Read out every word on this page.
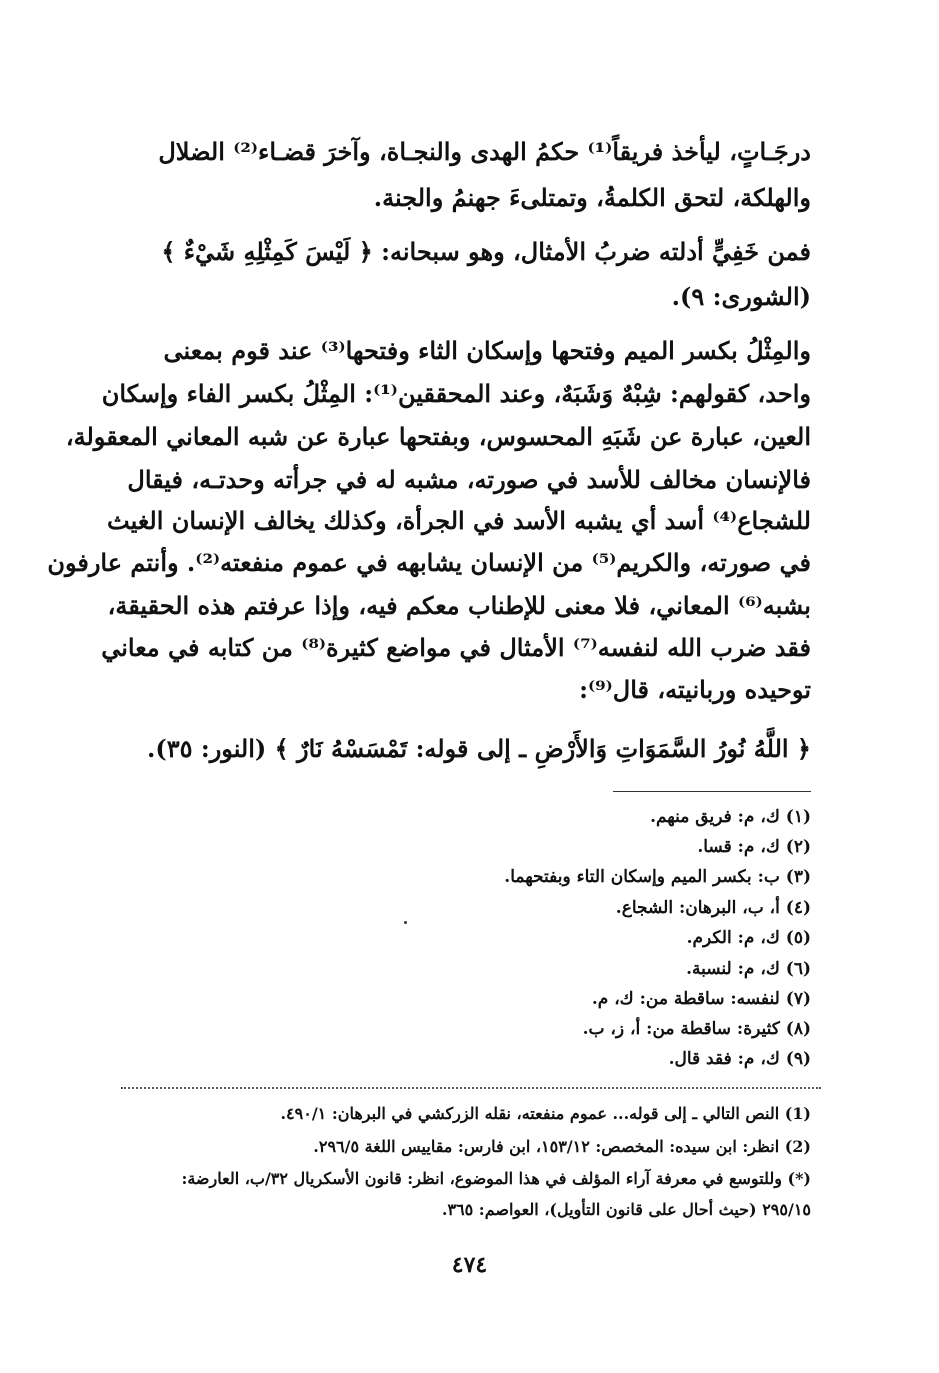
درجَـاتٍ، ليأخذ فريقاً⁽¹⁾ حكمُ الهدى والنجـاة، وآخرَ قضـاء⁽²⁾ الضلال
والهلكة، لتحق الكلمةُ، وتمتلىءَ جهنمُ والجنة.
فمن خَفِيٍّ أدلته ضربُ الأمثال، وهو سبحانه: ﴿ لَيْسَ كَمِثْلِهِ شَيْءٌ ﴾
(الشورى: ٩).
والمِثْلُ بكسر الميم وفتحها وإسكان الثاء وفتحها⁽³⁾ عند قوم بمعنى
واحد، كقولهم: شِبْهٌ وَشَبَهٌ، وعند المحققين⁽¹⁾: المِثْلُ بكسر الفاء وإسكان
العين، عبارة عن شَبَهِ المحسوس، وبفتحها عبارة عن شبه المعاني المعقولة،
فالإنسان مخالف للأسد في صورته، مشبه له في جرأته وحدتـه، فيقال
للشجاع⁽⁴⁾ أسد أي يشبه الأسد في الجرأة، وكذلك يخالف الإنسان الغيث
في صورته، والكريم⁽⁵⁾ من الإنسان يشابهه في عموم منفعته⁽²⁾. وأنتم عارفون
بشبه⁽⁶⁾ المعاني، فلا معنى للإطناب معكم فيه، وإذا عرفتم هذه الحقيقة،
فقد ضرب الله لنفسه⁽⁷⁾ الأمثال في مواضع كثيرة⁽⁸⁾ من كتابه في معاني
توحيده وربانيته، قال⁽⁹⁾:
﴿ اللَّهُ نُورُ السَّمَوَاتِ وَالأَرْضِ ـ إلى قوله: تَمْسَسْهُ نَارٌ ﴾ (النور: ٣٥).
(١) ك، م: فريق منهم.
(٢) ك، م: قسا.
(٣) ب: بكسر الميم وإسكان التاء وبفتحهما.
(٤) أ، ب، البرهان: الشجاع.
(٥) ك، م: الكرم.
(٦) ك، م: لنسبة.
(٧) لنفسه: ساقطة من: ك، م.
(٨) كثيرة: ساقطة من: أ، ز، ب.
(٩) ك، م: فقد قال.
(1) النص التالي ـ إلى قوله... عموم منفعته، نقله الزركشي في البرهان: ٤٩٠/١.
(2) انظر: ابن سيده: المخصص: ١٥٣/١٢، ابن فارس: مقاييس اللغة ٢٩٦/٥.
(*) وللتوسع في معرفة آراء المؤلف في هذا الموضوع، انظر: قانون الأسكريال ٣٢/ب، العارضة:
٢٩٥/١٥ (حيث أحال على قانون التأويل)، العواصم: ٣٦٥.
٤٧٤
